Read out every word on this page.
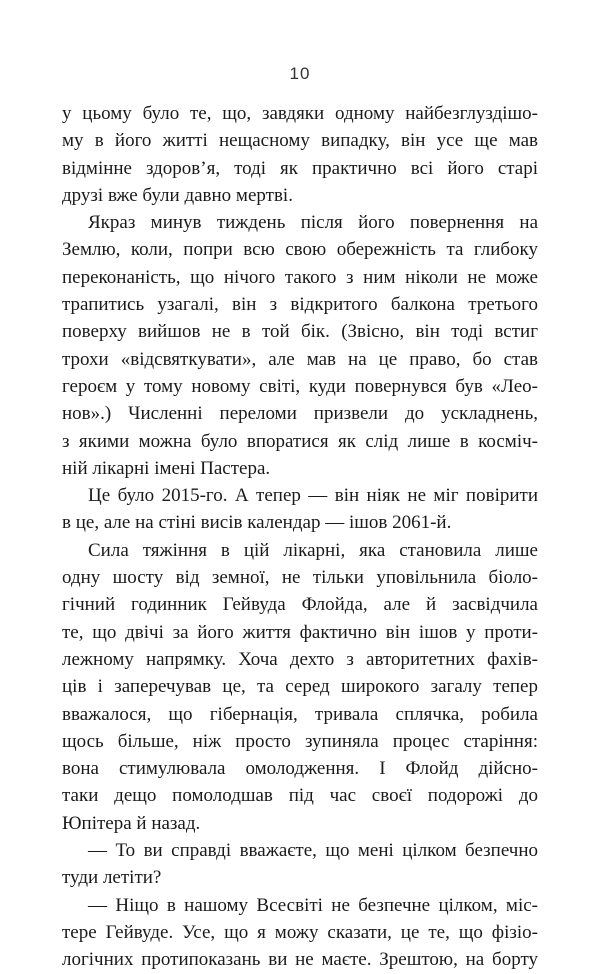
10
у цьому було те, що, завдяки одному найбезглуздішо-
му в його житті нещасному випадку, він усе ще мав
відмінне здоров’я, тоді як практично всі його старі
друзі вже були давно мертві.
Якраз минув тиждень після його повернення на
Землю, коли, попри всю свою обережність та глибоку
переконаність, що нічого такого з ним ніколи не може
трапитись узагалі, він з відкритого балкона третього
поверху вийшов не в той бік. (Звісно, він тоді встиг
трохи «відсвяткувати», але мав на це право, бо став
героєм у тому новому світі, куди повернувся був «Лео-
нов».) Численні переломи призвели до ускладнень,
з якими можна було впоратися як слід лише в косміч-
ній лікарні імені Пастера.
Це було 2015-го. А тепер — він ніяк не міг повірити
в це, але на стіні висів календар — ішов 2061-й.
Сила тяжіння в цій лікарні, яка становила лише
одну шосту від земної, не тільки уповільнила біоло-
гічний годинник Гейвуда Флойда, але й засвідчила
те, що двічі за його життя фактично він ішов у проти-
лежному напрямку. Хоча дехто з авторитетних фахів-
ців і заперечував це, та серед широкого загалу тепер
вважалося, що гібернація, тривала сплячка, робила
щось більше, ніж просто зупиняла процес старіння:
вона стимулювала омолодження. І Флойд дійсно-
таки дещо помолодшав під час своєї подорожі до
Юпітера й назад.
— То ви справді вважаєте, що мені цілком безпечно
туди летіти?
— Ніщо в нашому Всесвіті не безпечне цілком, міс-
тере Гейвуде. Усе, що я можу сказати, це те, що фізіо-
логічних протипоказань ви не маєте. Зрештою, на борту
